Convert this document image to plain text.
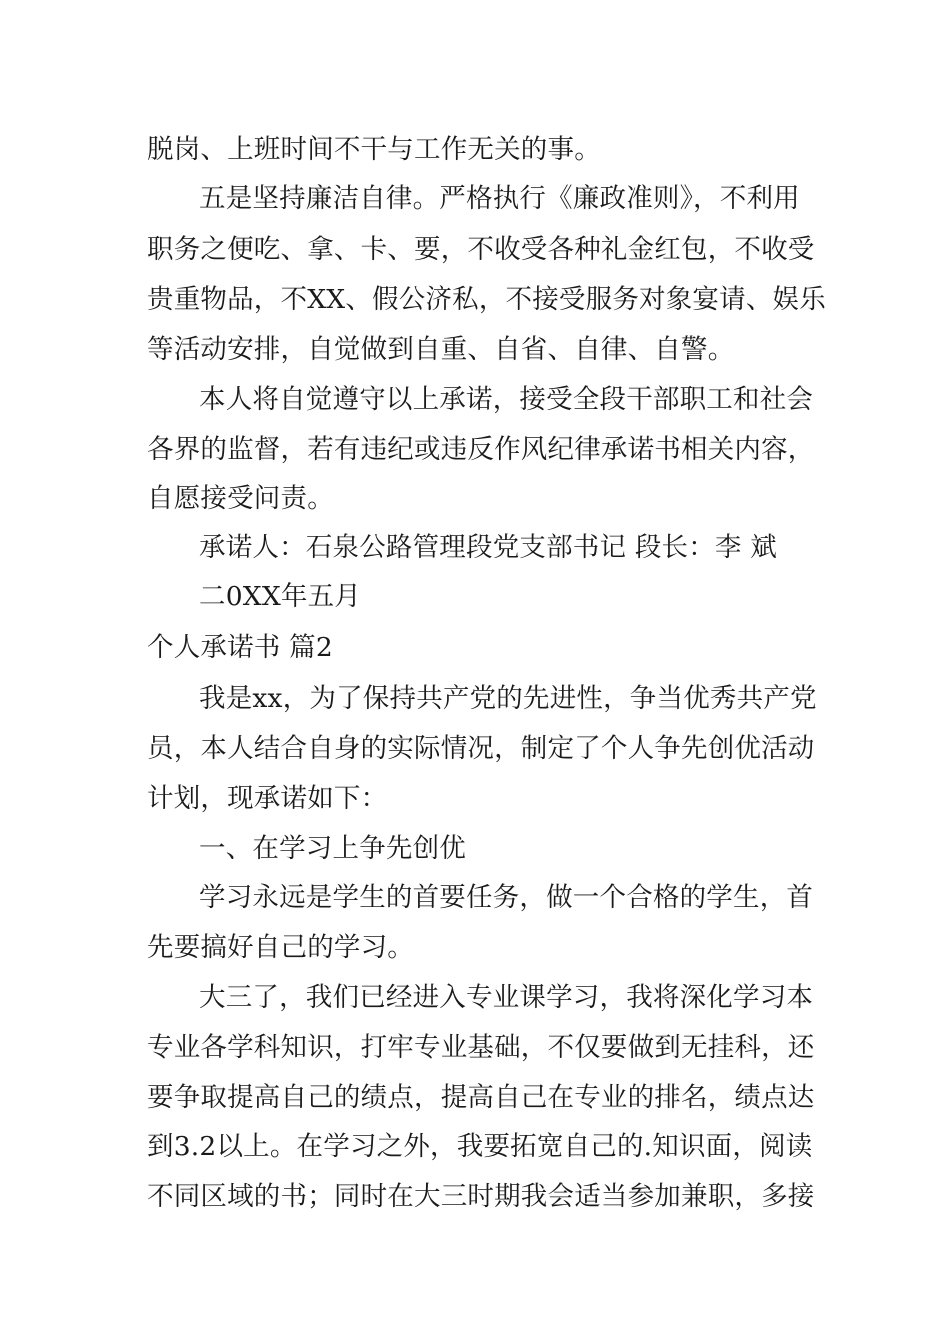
脱岗、上班时间不干与工作无关的事。
五是坚持廉洁自律。严格执行《廉政准则》，不利用
职务之便吃、拿、卡、要，不收受各种礼金红包，不收受
贵重物品，不XX、假公济私，不接受服务对象宴请、娱乐
等活动安排，自觉做到自重、自省、自律、自警。
本人将自觉遵守以上承诺，接受全段干部职工和社会
各界的监督，若有违纪或违反作风纪律承诺书相关内容，
自愿接受问责。
承诺人：石泉公路管理段党支部书记 段长：李 斌
二0XX年五月
个人承诺书 篇2
我是xx，为了保持共产党的先进性，争当优秀共产党
员，本人结合自身的实际情况，制定了个人争先创优活动
计划，现承诺如下：
一、在学习上争先创优
学习永远是学生的首要任务，做一个合格的学生，首
先要搞好自己的学习。
大三了，我们已经进入专业课学习，我将深化学习本
专业各学科知识，打牢专业基础，不仅要做到无挂科，还
要争取提高自己的绩点，提高自己在专业的排名，绩点达
到3.2以上。在学习之外，我要拓宽自己的.知识面，阅读
不同区域的书；同时在大三时期我会适当参加兼职，多接
